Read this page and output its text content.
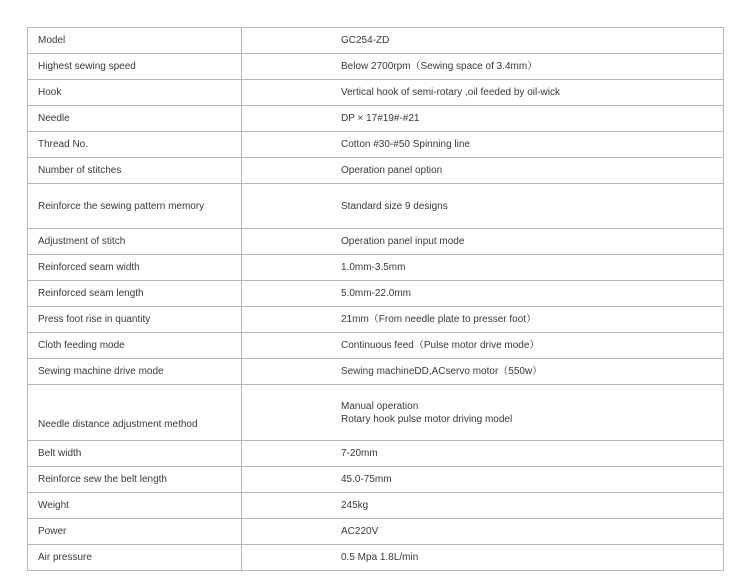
Model	GC254-ZD
Highest sewing speed	Below 2700rpm（Sewing space of 3.4mm）
Hook	Vertical hook of semi-rotary ,oil feeded by oil-wick
Needle	DP × 17#19#-#21
Thread No.	Cotton #30-#50 Spinning line
Number of stitches	Operation panel option
Reinforce the sewing pattern memory	Standard size 9 designs
Adjustment of stitch	Operation panel input mode
Reinforced seam width	1.0mm-3.5mm
Reinforced seam length	5.0mm-22.0mm
Press foot rise in quantity	21mm（From needle plate to presser foot）
Cloth feeding mode	Continuous feed（Pulse motor drive mode）
Sewing machine drive mode	Sewing machineDD,ACservo motor（550w）
Needle distance adjustment method	Manual operation
Rotary hook pulse motor driving model

Belt width	7-20mm
Reinforce sew the belt length	45.0-75mm
Weight	245kg
Power	AC220V
Air pressure	0.5 Mpa 1.8L/min
